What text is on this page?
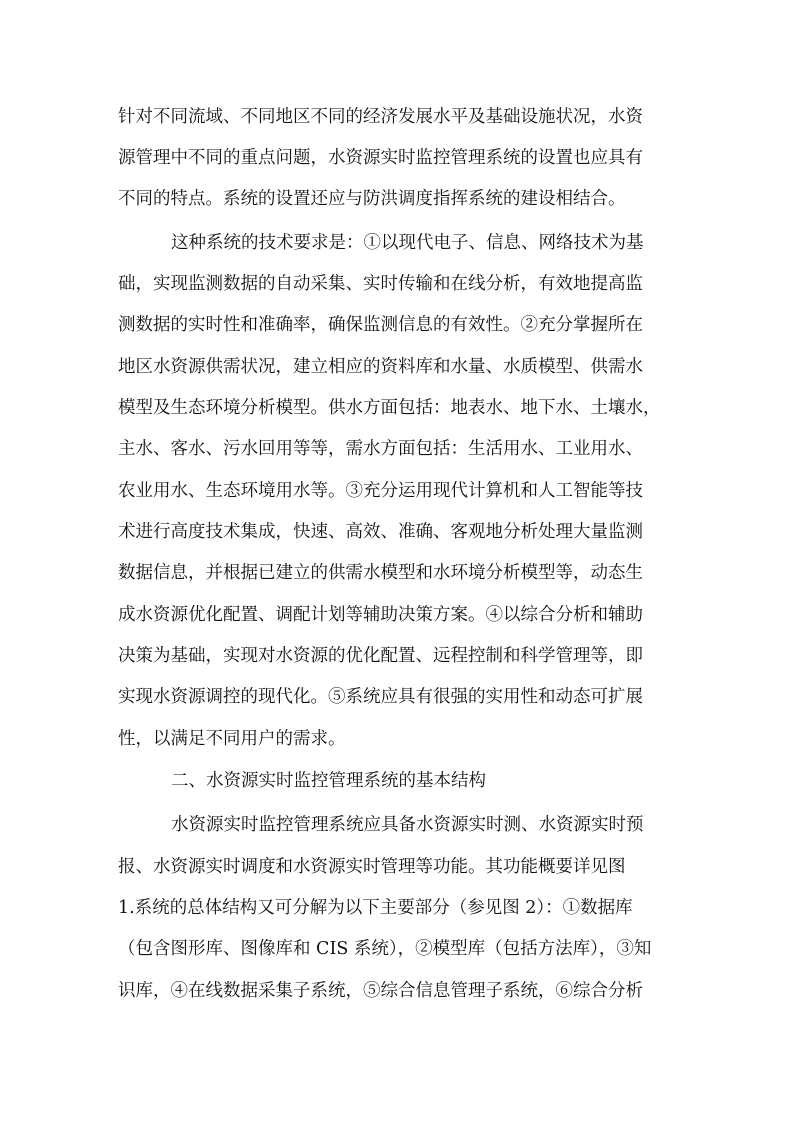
针对不同流域、不同地区不同的经济发展水平及基础设施状况，水资
源管理中不同的重点问题，水资源实时监控管理系统的设置也应具有
不同的特点。系统的设置还应与防洪调度指挥系统的建设相结合。
这种系统的技术要求是：①以现代电子、信息、网络技术为基
础，实现监测数据的自动采集、实时传输和在线分析，有效地提高监
测数据的实时性和准确率，确保监测信息的有效性。②充分掌握所在
地区水资源供需状况，建立相应的资料库和水量、水质模型、供需水
模型及生态环境分析模型。供水方面包括：地表水、地下水、土壤水，
主水、客水、污水回用等等，需水方面包括：生活用水、工业用水、
农业用水、生态环境用水等。③充分运用现代计算机和人工智能等技
术进行高度技术集成，快速、高效、准确、客观地分析处理大量监测
数据信息，并根据已建立的供需水模型和水环境分析模型等，动态生
成水资源优化配置、调配计划等辅助决策方案。④以综合分析和辅助
决策为基础，实现对水资源的优化配置、远程控制和科学管理等，即
实现水资源调控的现代化。⑤系统应具有很强的实用性和动态可扩展
性，以满足不同用户的需求。
二、水资源实时监控管理系统的基本结构
水资源实时监控管理系统应具备水资源实时测、水资源实时预
报、水资源实时调度和水资源实时管理等功能。其功能概要详见图
1.系统的总体结构又可分解为以下主要部分（参见图 2）：①数据库
（包含图形库、图像库和 CIS 系统），②模型库（包括方法库），③知
识库，④在线数据采集子系统，⑤综合信息管理子系统，⑥综合分析
